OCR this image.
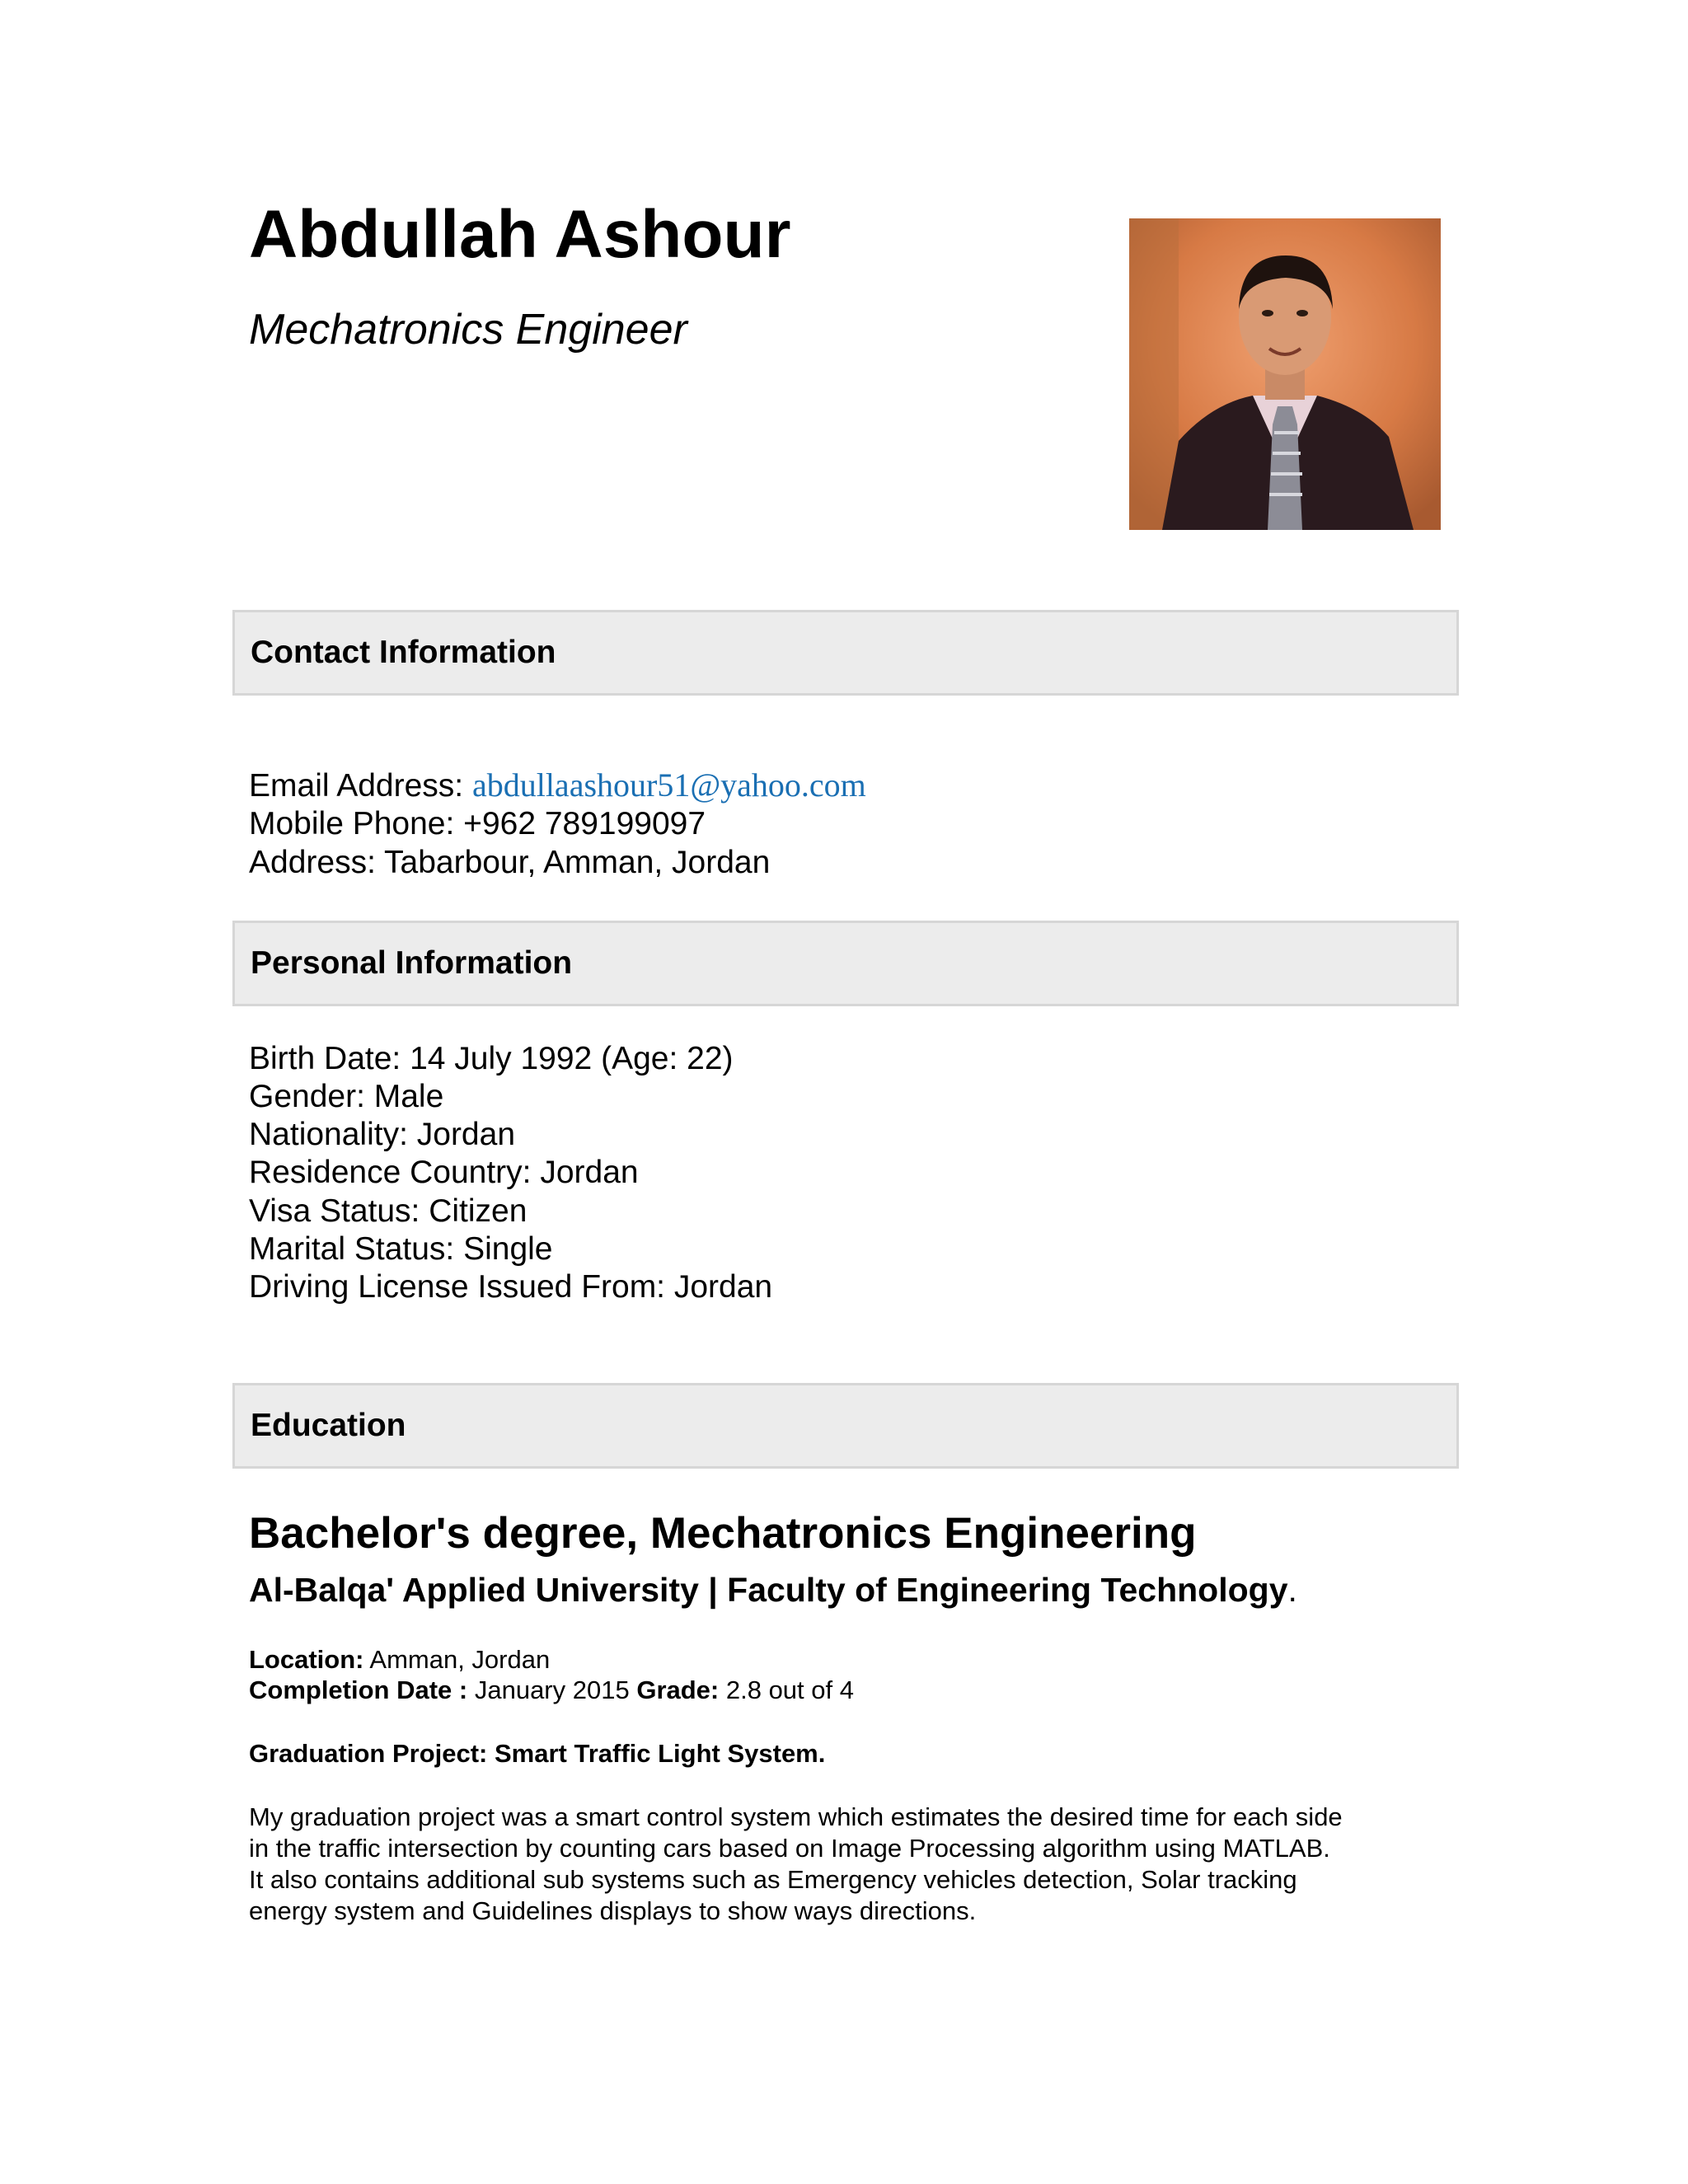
Abdullah Ashour
Mechatronics Engineer
Contact Information
Email Address: abdullaashour51@yahoo.com
Mobile Phone: +962 789199097
Address: Tabarbour, Amman, Jordan
Personal Information
Birth Date: 14 July 1992 (Age: 22)
Gender: Male
Nationality: Jordan
Residence Country: Jordan
Visa Status: Citizen
Marital Status: Single
Driving License Issued From: Jordan
Education
Bachelor's degree, Mechatronics Engineering
Al-Balqa' Applied University | Faculty of Engineering Technology.
Location: Amman, Jordan
Completion Date : January 2015 Grade: 2.8 out of 4
Graduation Project: Smart Traffic Light System.
My graduation project was a smart control system which estimates the desired time for each side
in the traffic intersection by counting cars based on Image Processing algorithm using MATLAB.
It also contains additional sub systems such as Emergency vehicles detection, Solar tracking
energy system and Guidelines displays to show ways directions.
